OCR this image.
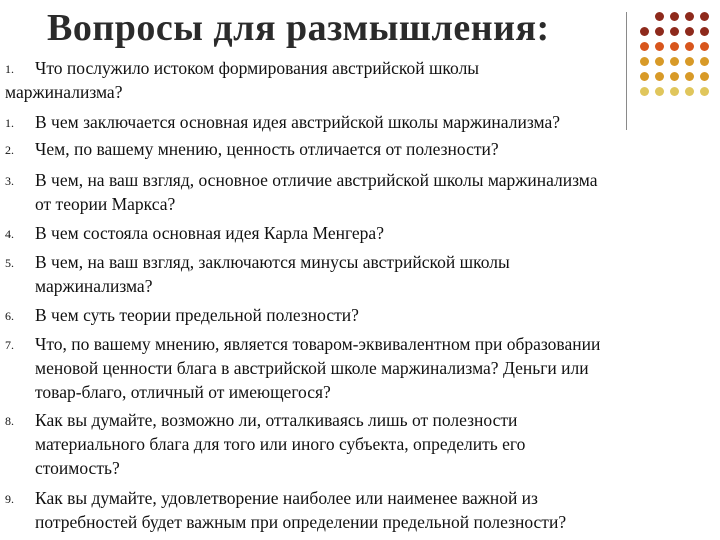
Вопросы для размышления:
1.	Что послужило истоком формирования австрийской школы
маржинализма?
1. В чем заключается основная идея австрийской школы маржинализма?
2. Чем, по вашему мнению, ценность отличается от полезности?
3. В чем, на ваш взгляд, основное отличие австрийской школы маржинализма
от теории Маркса?
4. В чем состояла основная идея Карла Менгера?
5. В чем, на ваш взгляд, заключаются минусы австрийской школы
маржинализма?
6. В чем суть теории предельной полезности?
7. Что, по вашему мнению, является товаром-эквивалентном при образовании
меновой ценности блага в австрийской школе маржинализма? Деньги или
товар-благо, отличный от имеющегося?
8. Как вы думайте, возможно ли, отталкиваясь лишь от полезности
материального блага для того или иного субъекта, определить его
стоимость?
9. Как вы думайте, удовлетворение наиболее или наименее важной из
потребностей будет важным при определении предельной полезности?
